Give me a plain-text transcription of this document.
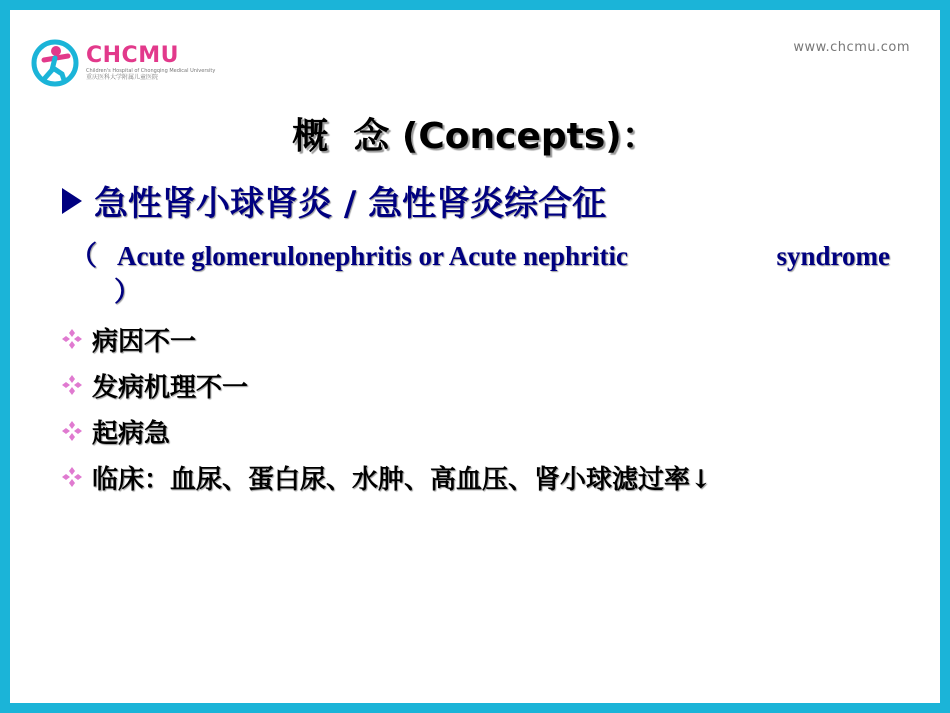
CHCMU
Children's Hospital of Chongqing Medical University
重庆医科大学附属儿童医院
www.chcmu.com
概  念 (Concepts)：
急性肾小球肾炎 / 急性肾炎综合征
（ Acute glomerulonephritis or Acute nephritic	syndrome
）
病因不一
发病机理不一
起病急
临床：血尿、蛋白尿、水肿、高血压、肾小球滤过率↓
